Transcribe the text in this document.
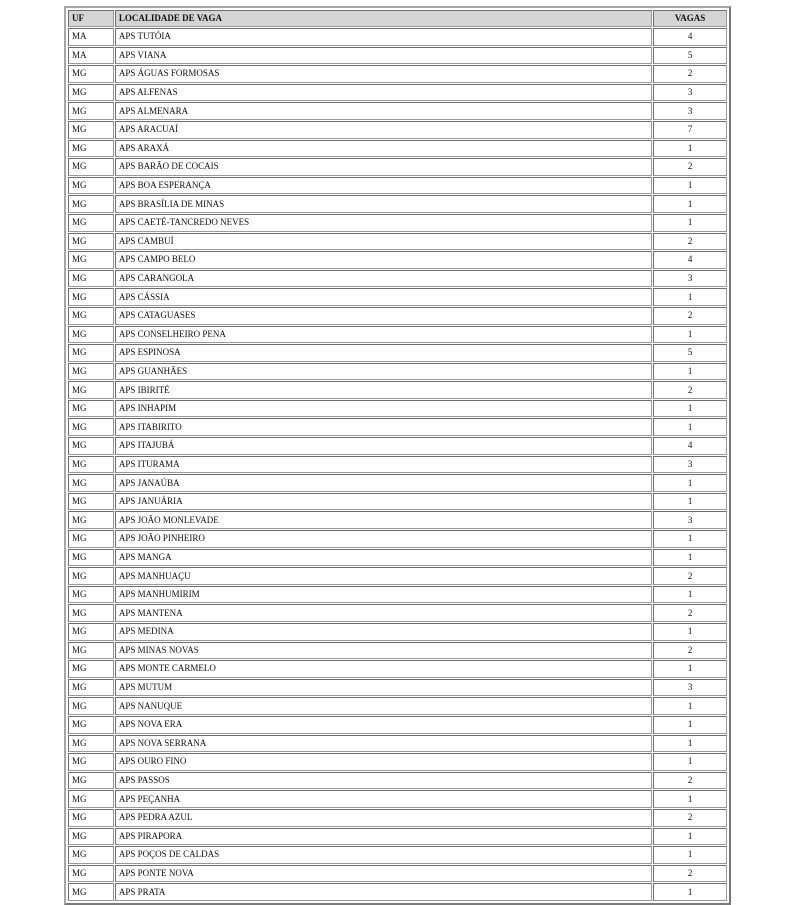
UF	LOCALIDADE DE VAGA	VAGAS
MA	APS TUTÓIA	4
MA	APS VIANA	5
MG	APS ÁGUAS FORMOSAS	2
MG	APS ALFENAS	3
MG	APS ALMENARA	3
MG	APS ARACUAÍ	7
MG	APS ARAXÁ	1
MG	APS BARÃO DE COCAIS	2
MG	APS BOA ESPERANÇA	1
MG	APS BRASÍLIA DE MINAS	1
MG	APS CAETÉ-TANCREDO NEVES	1
MG	APS CAMBUÍ	2
MG	APS CAMPO BELO	4
MG	APS CARANGOLA	3
MG	APS CÁSSIA	1
MG	APS CATAGUASES	2
MG	APS CONSELHEIRO PENA	1
MG	APS ESPINOSA	5
MG	APS GUANHÃES	1
MG	APS IBIRITÉ	2
MG	APS INHAPIM	1
MG	APS ITABIRITO	1
MG	APS ITAJUBÁ	4
MG	APS ITURAMA	3
MG	APS JANAÚBA	1
MG	APS JANUÁRIA	1
MG	APS JOÃO MONLEVADE	3
MG	APS JOÃO PINHEIRO	1
MG	APS MANGA	1
MG	APS MANHUAÇU	2
MG	APS MANHUMIRIM	1
MG	APS MANTENA	2
MG	APS MEDINA	1
MG	APS MINAS NOVAS	2
MG	APS MONTE CARMELO	1
MG	APS MUTUM	3
MG	APS NANUQUE	1
MG	APS NOVA ERA	1
MG	APS NOVA SERRANA	1
MG	APS OURO FINO	1
MG	APS PASSOS	2
MG	APS PEÇANHA	1
MG	APS PEDRA AZUL	2
MG	APS PIRAPORA	1
MG	APS POÇOS DE CALDAS	1
MG	APS PONTE NOVA	2
MG	APS PRATA	1
